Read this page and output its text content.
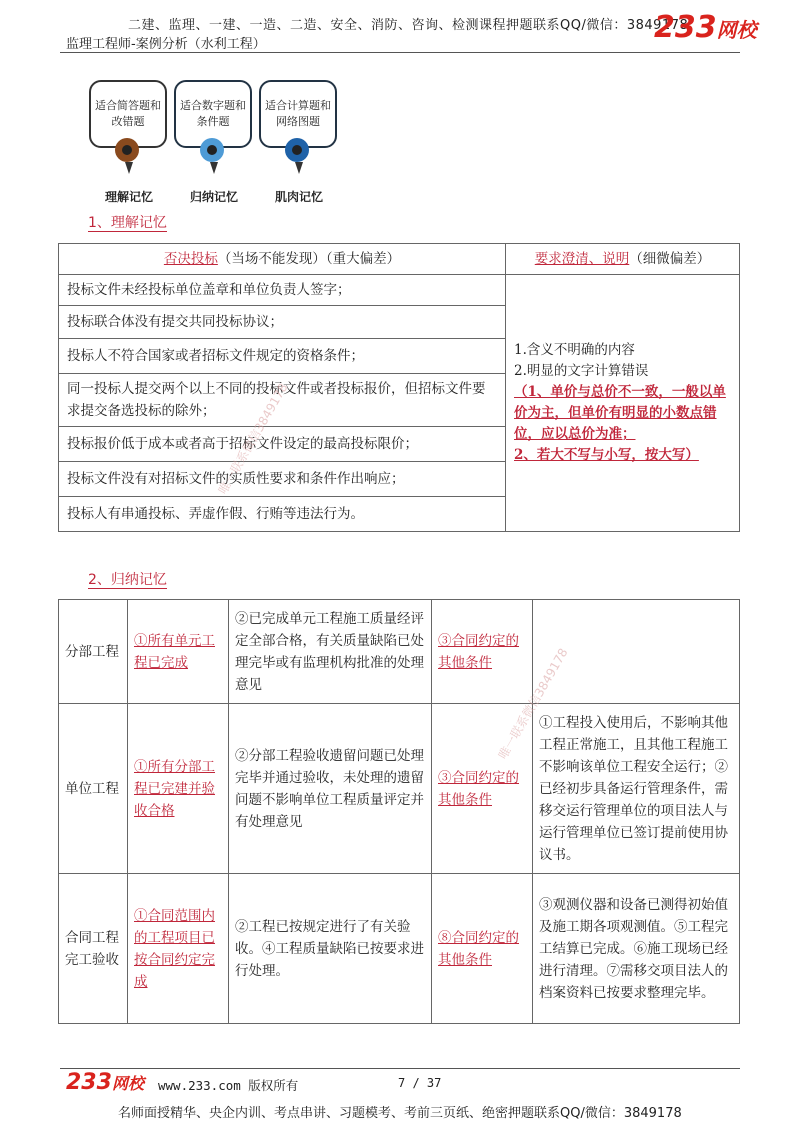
二建、监理、一建、一造、二造、安全、消防、咨询、检测课程押题联系QQ/微信：3849178
监理工程师-案例分析（水利工程）	233网校
适合简答题和改错题
理解记忆
适合数字题和条件题
归纳记忆
适合计算题和网络图题
肌肉记忆
1、理解记忆
否决投标（当场不能发现）（重大偏差）	要求澄清、说明（细微偏差）
投标文件未经投标单位盖章和单位负责人签字；	1.含义不明确的内容
2.明显的文字计算错误
（1、单价与总价不一致，一般以单价为主，但单价有明显的小数点错位，应以总价为准；
2、若大不写与小写，按大写）

投标联合体没有提交共同投标协议；	
投标人不符合国家或者招标文件规定的资格条件；	
同一投标人提交两个以上不同的投标文件或者投标报价，但招标文件要求提交备选投标的除外；	
投标报价低于成本或者高于招标文件设定的最高投标限价；	
投标文件没有对招标文件的实质性要求和条件作出响应；	
投标人有串通投标、弄虚作假、行贿等违法行为。	
2、归纳记忆
分部工程	①所有单元工程已完成	②已完成单元工程施工质量经评定全部合格，有关质量缺陷已处理完毕或有监理机构批准的处理意见	③合同约定的其他条件	
单位工程	①所有分部工程已完建并验收合格	②分部工程验收遗留问题已处理完毕并通过验收，未处理的遗留问题不影响单位工程质量评定并有处理意见	③合同约定的其他条件	①工程投入使用后，不影响其他工程正常施工，且其他工程施工不影响该单位工程安全运行；②已经初步具备运行管理条件，需移交运行管理单位的项目法人与运行管理单位已签订提前使用协议书。
合同工程完工验收	①合同范围内的工程项目已按合同约定完成	②工程已按规定进行了有关验收。④工程质量缺陷已按要求进行处理。	⑧合同约定的其他条件	③观测仪器和设备已测得初始值及施工期各项观测值。⑤工程完工结算已完成。⑥施工现场已经进行清理。⑦需移交项目法人的档案资料已按要求整理完毕。
唯一联系微信3849178
唯一联系微信3849178
233网校 www.233.com 版权所有	7 / 37
名师面授精华、央企内训、考点串讲、习题模考、考前三页纸、绝密押题联系QQ/微信：3849178
